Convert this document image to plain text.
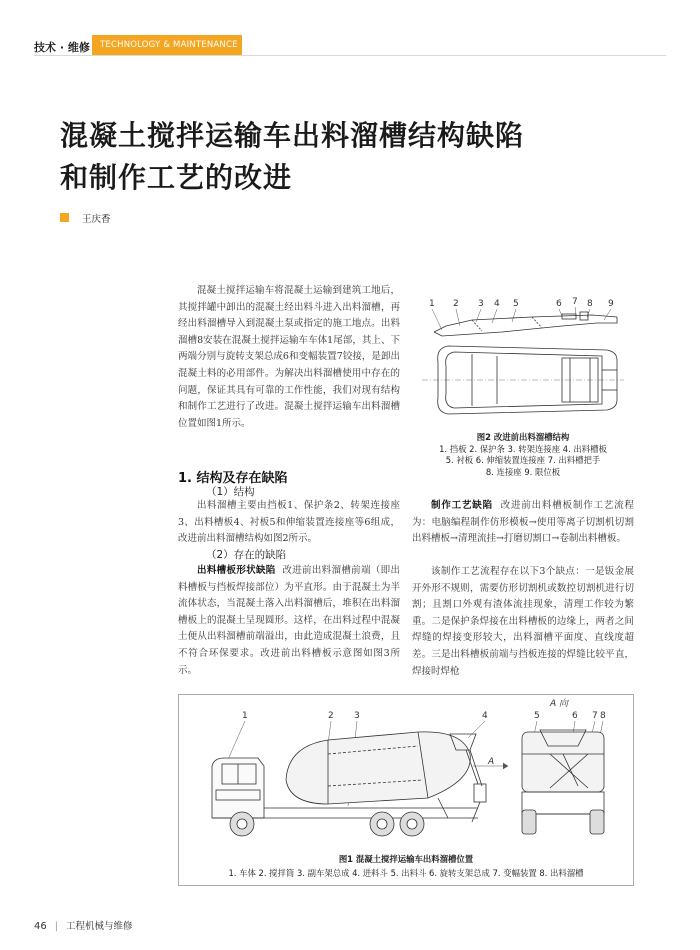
技术 · 维修 TECHNOLOGY & MAINTENANCE
混凝土搅拌运输车出料溜槽结构缺陷
和制作工艺的改进
王庆香
混凝土搅拌运输车将混凝土运输到建筑工地后，其搅拌罐中卸出的混凝土经出料斗进入出料溜槽，再经出料溜槽导入到混凝土泵或指定的施工地点。出料溜槽8安装在混凝土搅拌运输车车体1尾部，其上、下两端分别与旋转支架总成6和变幅装置7铰接，是卸出混凝土料的必用部件。为解决出料溜槽使用中存在的问题，保证其具有可靠的工作性能，我们对现有结构和制作工艺进行了改进。混凝土搅拌运输车出料溜槽位置如图1所示。
1 2 3 4 5	6 7 8 9
图2 改进前出料溜槽结构
1. 挡板 2. 保护条 3. 转架连接座 4. 出料槽板
5. 衬板 6. 伸缩装置连接座 7. 出料槽把手
8. 连接座 9. 限位板
1. 结构及存在缺陷
（1）结构
出料溜槽主要由挡板1、保护条2、转架连接座3、出料槽板4、衬板5和伸缩装置连接座等6组成，改进前出料溜槽结构如图2所示。
（2）存在的缺陷
出料槽板形状缺陷 改进前出料溜槽前端（即出料槽板与挡板焊接部位）为平直形。由于混凝土为半流体状态，当混凝土落入出料溜槽后，堆积在出料溜槽板上的混凝土呈现圆形。这样，在出料过程中混凝土便从出料溜槽前端溢出，由此造成混凝土浪费，且不符合环保要求。改进前出料槽板示意图如图3所示。
制作工艺缺陷 改进前出料槽板制作工艺流程为：电脑编程制作仿形模板→使用等离子切割机切割出料槽板→清理流挂→打磨切割口→卷制出料槽板。
该制作工艺流程存在以下3个缺点：一是钣金展开外形不规则，需要仿形切割机或数控切割机进行切割；且割口外观有渣体流挂现象，清理工作较为繁重。二是保护条焊接在出料槽板的边缘上，两者之间焊缝的焊接变形较大，出料溜槽平面度、直线度超差。三是出料槽板前端与挡板连接的焊缝比较平直，焊接时焊枪
1	2 3	4	5	6 7 8
A 向
A
图1 混凝土搅拌运输车出料溜槽位置
1. 车体 2. 搅拌筒 3. 副车架总成 4. 进料斗 5. 出料斗 6. 旋转支架总成 7. 变幅装置 8. 出料溜槽
46 | 工程机械与维修
